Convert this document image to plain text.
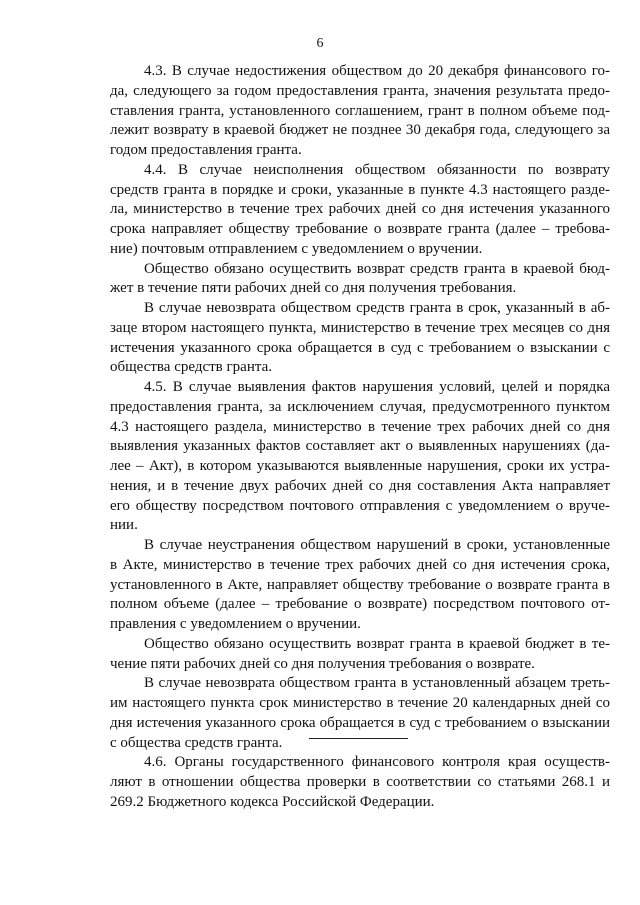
6

4.3. В случае недостижения обществом до 20 декабря финансового го-
да, следующего за годом предоставления гранта, значения результата предо-
ставления гранта, установленного соглашением, грант в полном объеме под-
лежит возврату в краевой бюджет не позднее 30 декабря года, следующего за
годом предоставления гранта.
4.4. В случае неисполнения обществом обязанности по возврату
средств гранта в порядке и сроки, указанные в пункте 4.3 настоящего разде-
ла, министерство в течение трех рабочих дней со дня истечения указанного
срока направляет обществу требование о возврате гранта (далее – требова-
ние) почтовым отправлением с уведомлением о вручении.
Общество обязано осуществить возврат средств гранта в краевой бюд-
жет в течение пяти рабочих дней со дня получения требования.
В случае невозврата обществом средств гранта в срок, указанный в аб-
заце втором настоящего пункта, министерство в течение трех месяцев со дня
истечения указанного срока обращается в суд с требованием о взыскании с
общества средств гранта.
4.5. В случае выявления фактов нарушения условий, целей и порядка
предоставления гранта, за исключением случая, предусмотренного пунктом
4.3 настоящего раздела, министерство в течение трех рабочих дней со дня
выявления указанных фактов составляет акт о выявленных нарушениях (да-
лее – Акт), в котором указываются выявленные нарушения, сроки их устра-
нения, и в течение двух рабочих дней со дня составления Акта направляет
его обществу посредством почтового отправления с уведомлением о вруче-
нии.
В случае неустранения обществом нарушений в сроки, установленные
в Акте, министерство в течение трех рабочих дней со дня истечения срока,
установленного в Акте, направляет обществу требование о возврате гранта в
полном объеме (далее – требование о возврате) посредством почтового от-
правления с уведомлением о вручении.
Общество обязано осуществить возврат гранта в краевой бюджет в те-
чение пяти рабочих дней со дня получения требования о возврате.
В случае невозврата обществом гранта в установленный абзацем треть-
им настоящего пункта срок министерство в течение 20 календарных дней со
дня истечения указанного срока обращается в суд с требованием о взыскании
с общества средств гранта.
4.6. Органы государственного финансового контроля края осуществ-
ляют в отношении общества проверки в соответствии со статьями 268.1 и
269.2 Бюджетного кодекса Российской Федерации.
